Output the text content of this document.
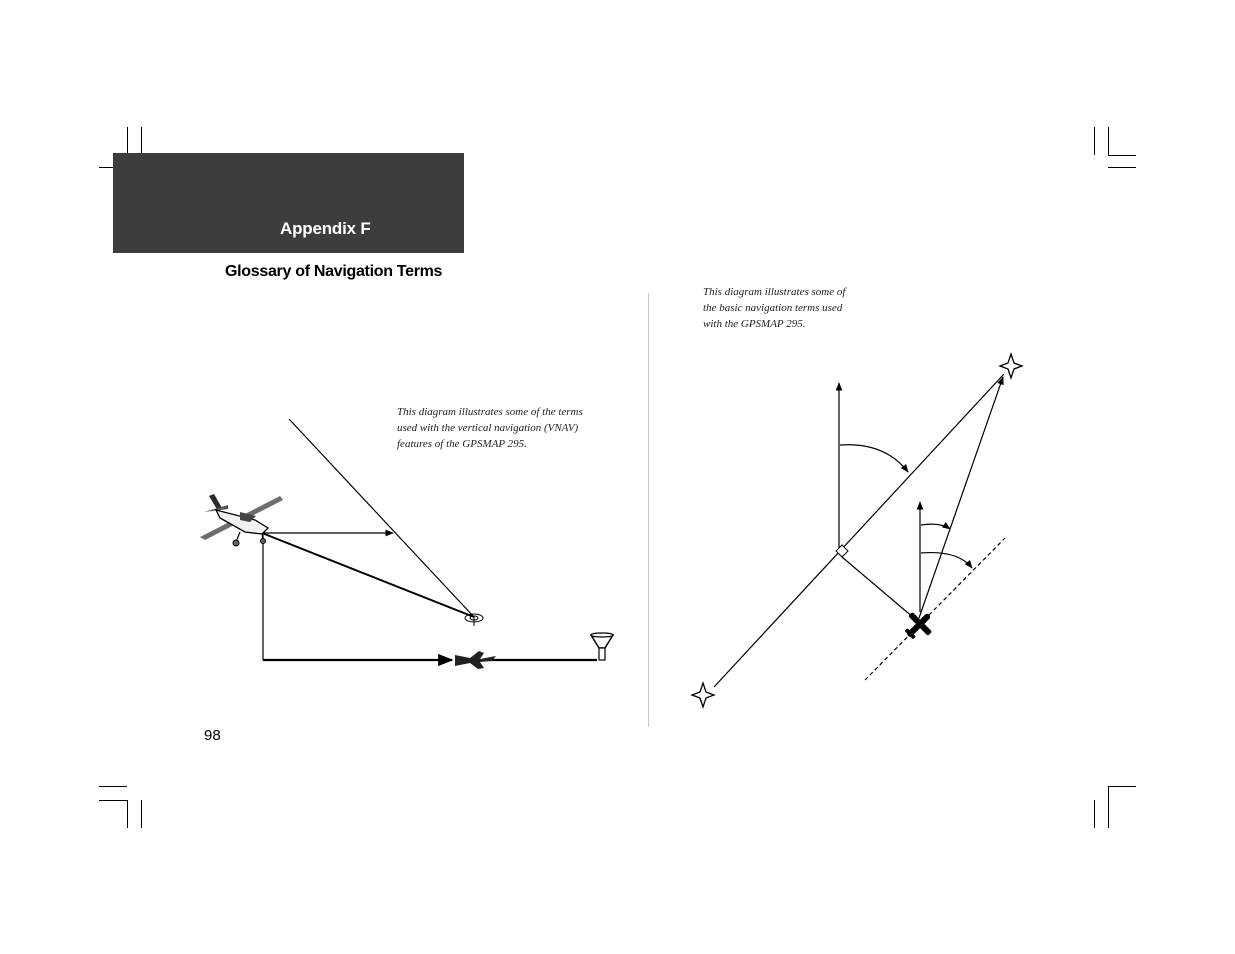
Appendix F
Glossary of Navigation Terms
This diagram illustrates some of the terms used with the vertical navigation (VNAV) features of the GPSMAP 295.
This diagram illustrates some of the basic navigation terms used with the GPSMAP 295.
98
